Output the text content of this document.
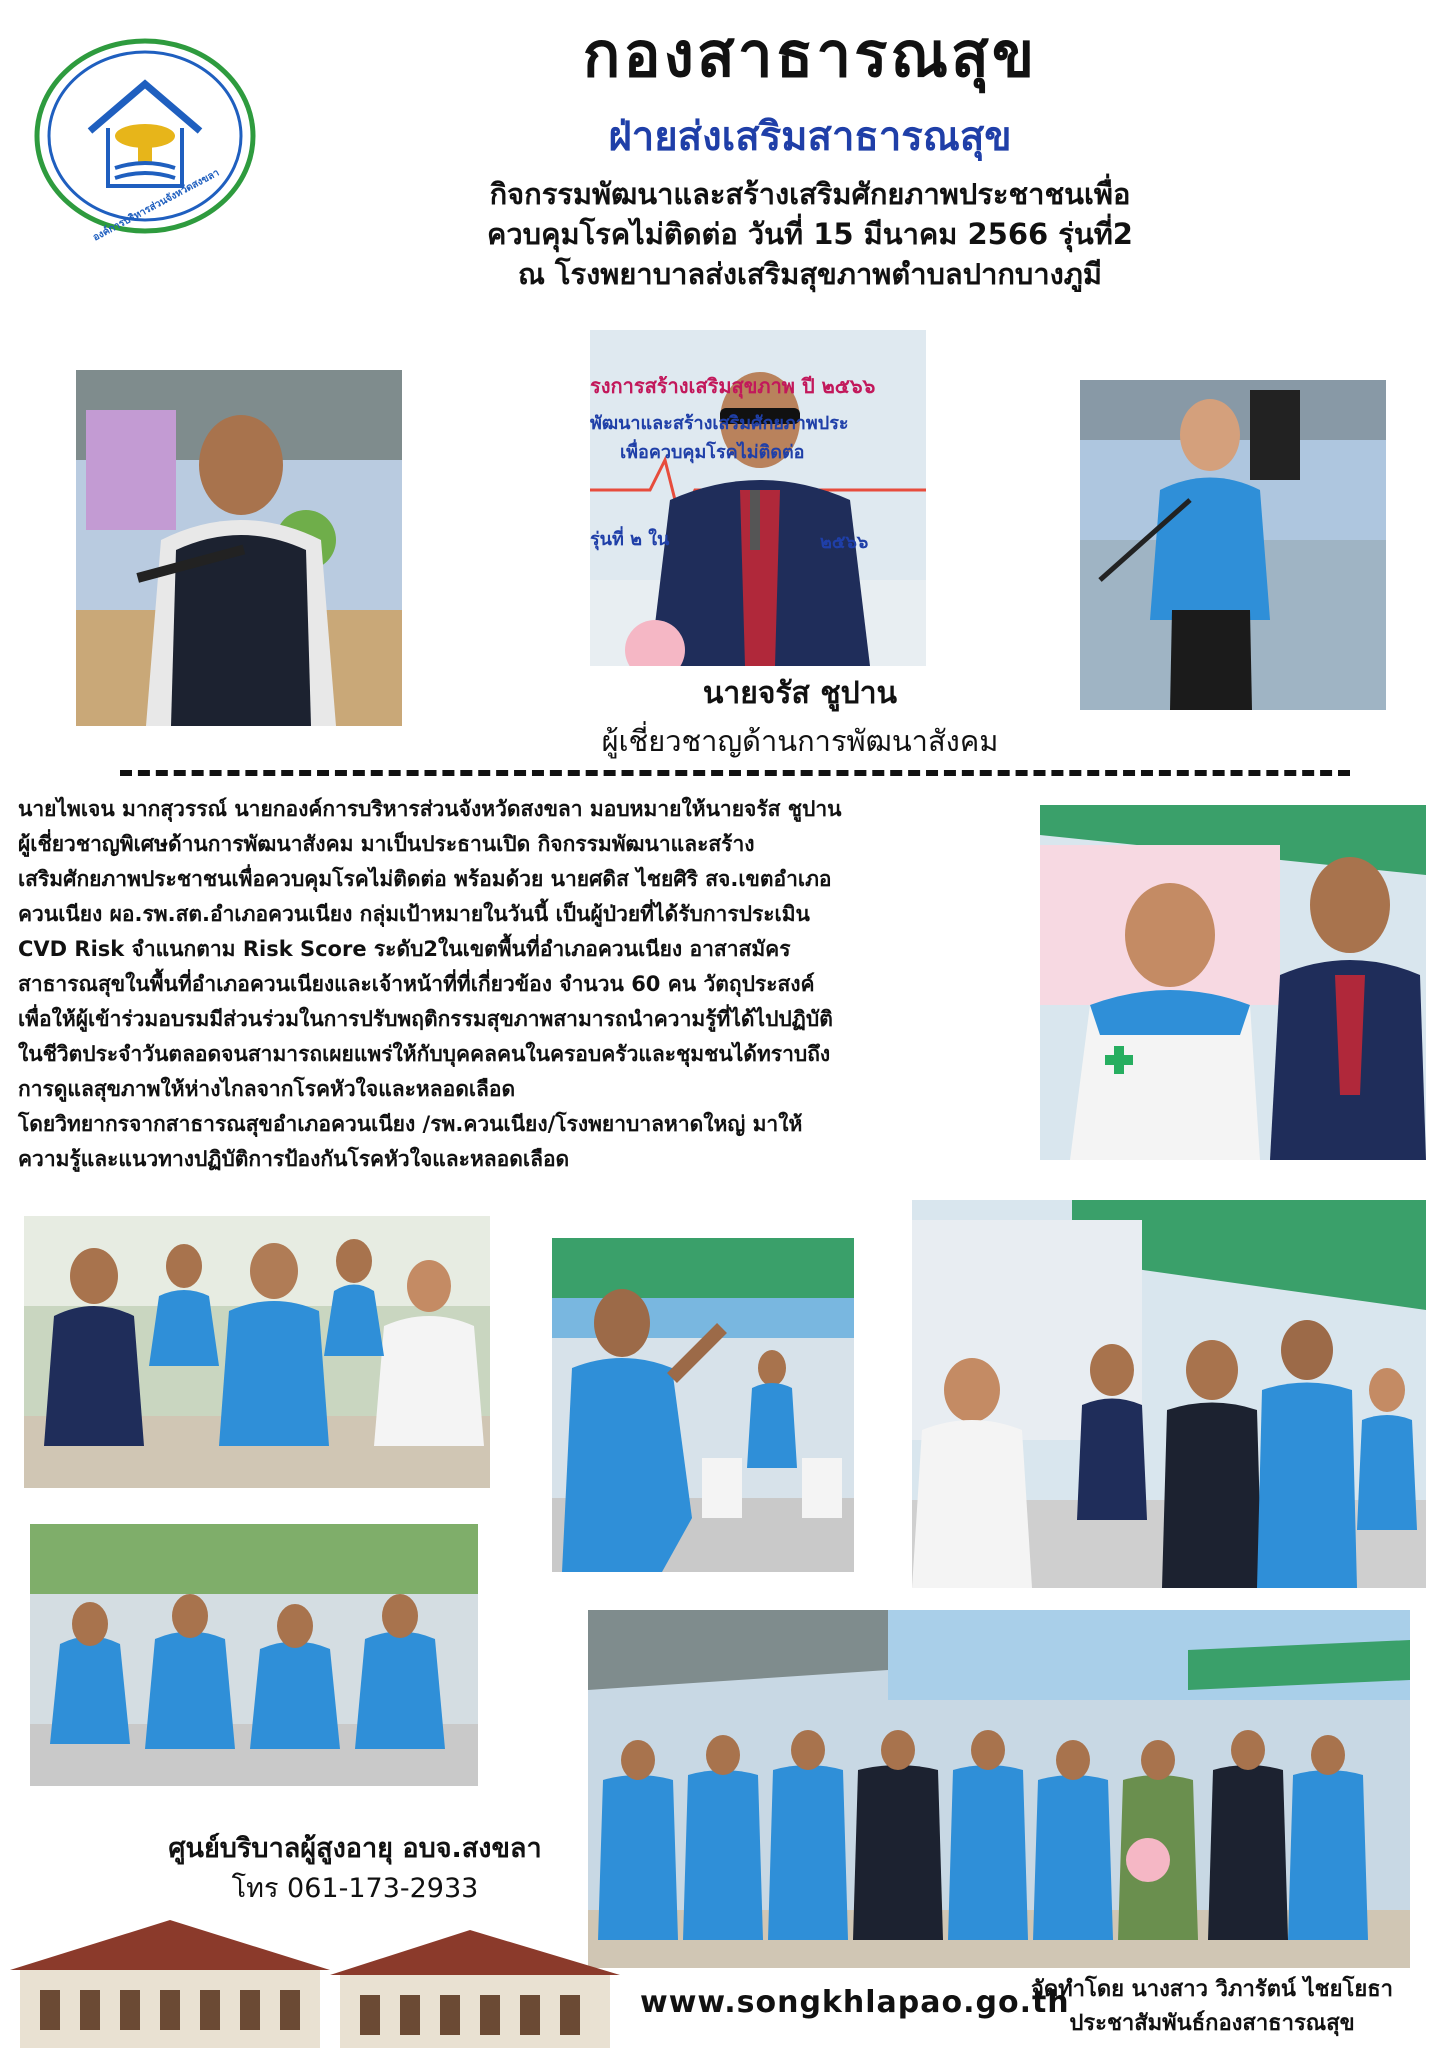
องค์การบริหารส่วนจังหวัดสงขลา
กองสาธารณสุข
ฝ่ายส่งเสริมสาธารณสุข
กิจกรรมพัฒนาและสร้างเสริมศักยภาพประชาชนเพื่อ
ควบคุมโรคไม่ติดต่อ วันที่ 15 มีนาคม 2566 รุ่นที่2
ณ โรงพยาบาลส่งเสริมสุขภาพตำบลปากบางภูมี
รงการสร้างเสริมสุขภาพ ปี ๒๕๖๖
พัฒนาและสร้างเสริมศักยภาพประ
เพื่อควบคุมโรคไม่ติดต่อ
รุ่นที่ ๒ ใน	๒๕๖๖
นายจรัส ชูปาน
ผู้เชี่ยวชาญด้านการพัฒนาสังคม
นายไพเจน มากสุวรรณ์ นายกองค์การบริหารส่วนจังหวัดสงขลา มอบหมายให้นายจรัส ชูปาน
ผู้เชี่ยวชาญพิเศษด้านการพัฒนาสังคม มาเป็นประธานเปิด กิจกรรมพัฒนาและสร้าง
เสริมศักยภาพประชาชนเพื่อควบคุมโรคไม่ติดต่อ พร้อมด้วย นายศดิส ไชยศิริ สจ.เขตอำเภอ
ควนเนียง ผอ.รพ.สต.อำเภอควนเนียง กลุ่มเป้าหมายในวันนี้ เป็นผู้ป่วยที่ได้รับการประเมิน
CVD Risk จำแนกตาม Risk Score ระดับ2ในเขตพื้นที่อำเภอควนเนียง อาสาสมัคร
สาธารณสุขในพื้นที่อำเภอควนเนียงและเจ้าหน้าที่ที่เกี่ยวข้อง จำนวน 60 คน วัตถุประสงค์
เพื่อให้ผู้เข้าร่วมอบรมมีส่วนร่วมในการปรับพฤติกรรมสุขภาพสามารถนำความรู้ที่ได้ไปปฏิบัติ
ในชีวิตประจำวันตลอดจนสามารถเผยแพร่ให้กับบุคคลคนในครอบครัวและชุมชนได้ทราบถึง
การดูแลสุขภาพให้ห่างไกลจากโรคหัวใจและหลอดเลือด
โดยวิทยากรจากสาธารณสุขอำเภอควนเนียง /รพ.ควนเนียง/โรงพยาบาลหาดใหญ่ มาให้
ความรู้และแนวทางปฏิบัติการป้องกันโรคหัวใจและหลอดเลือด
ศูนย์บริบาลผู้สูงอายุ อบจ.สงขลา
โทร 061-173-2933
www.songkhlapao.go.th
จัดทำโดย นางสาว วิภารัตน์ ไชยโยธา
ประชาสัมพันธ์กองสาธารณสุข
